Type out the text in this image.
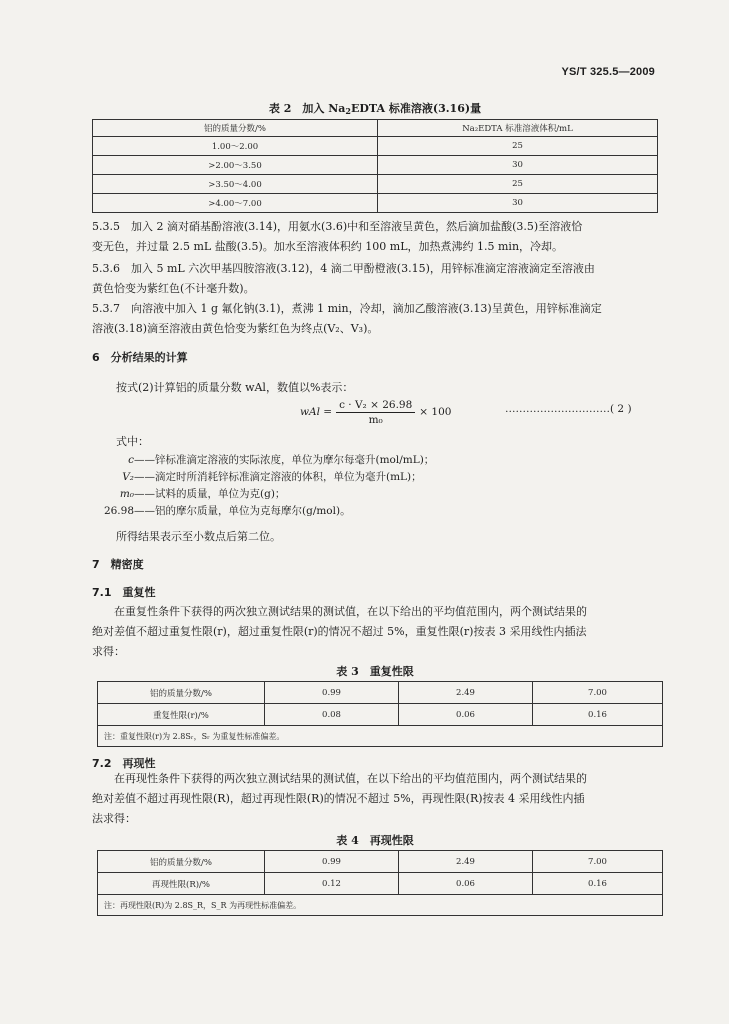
YS/T 325.5—2009
表 2　加入 $Na_2EDTA$ 标准溶液(3.16)量
铝的质量分数/%	Na₂EDTA 标准溶液体积/mL
1.00～2.00	25
>2.00～3.50	30
>3.50～4.00	25
>4.00～7.00	30
5.3.5　加入 2 滴对硝基酚溶液(3.14)，用氨水(3.6)中和至溶液呈黄色，然后滴加盐酸(3.5)至溶液恰
变无色，并过量 2.5 mL 盐酸(3.5)。加水至溶液体积约 100 mL，加热煮沸约 1.5 min，冷却。
5.3.6　加入 5 mL 六次甲基四胺溶液(3.12)，4 滴二甲酚橙液(3.15)，用锌标准滴定溶液滴定至溶液由
黄色恰变为紫红色(不计毫升数)。
5.3.7　向溶液中加入 1 g 氟化钠(3.1)，煮沸 1 min，冷却，滴加乙酸溶液(3.13)呈黄色，用锌标准滴定
溶液(3.18)滴至溶液由黄色恰变为紫红色为终点(V₂、V₃)。
6　分析结果的计算
按式(2)计算铝的质量分数 wAl，数值以%表示：
wAl = $\frac{\text{c · V₂ × 26.98}}{\text{m₀}} \times 100$	…………………………( 2 )
式中：
c ——锌标准滴定溶液的实际浓度，单位为摩尔每毫升(mol/mL)；
V₂ ——滴定时所消耗锌标准滴定溶液的体积，单位为毫升(mL)；
m₀ ——试料的质量，单位为克(g)；
26.98 ——铝的摩尔质量，单位为克每摩尔(g/mol)。
所得结果表示至小数点后第二位。
7　精密度
7.1　重复性
在重复性条件下获得的两次独立测试结果的测试值，在以下给出的平均值范围内，两个测试结果的
绝对差值不超过重复性限(r)，超过重复性限(r)的情况不超过 5%，重复性限(r)按表 3 采用线性内插法
求得：
表 3　重复性限
铝的质量分数/%	0.99	2.49	7.00
重复性限(r)/%	0.08	0.06	0.16
注：重复性限(r)为 2.8Sᵣ，Sᵣ 为重复性标准偏差。			
7.2　再现性
在再现性条件下获得的两次独立测试结果的测试值，在以下给出的平均值范围内，两个测试结果的
绝对差值不超过再现性限(R)，超过再现性限(R)的情况不超过 5%，再现性限(R)按表 4 采用线性内插
法求得：
表 4　再现性限
铝的质量分数/%	0.99	2.49	7.00
再现性限(R)/%	0.12	0.06	0.16
注：再现性限(R)为 2.8S_R，S_R 为再现性标准偏差。			
